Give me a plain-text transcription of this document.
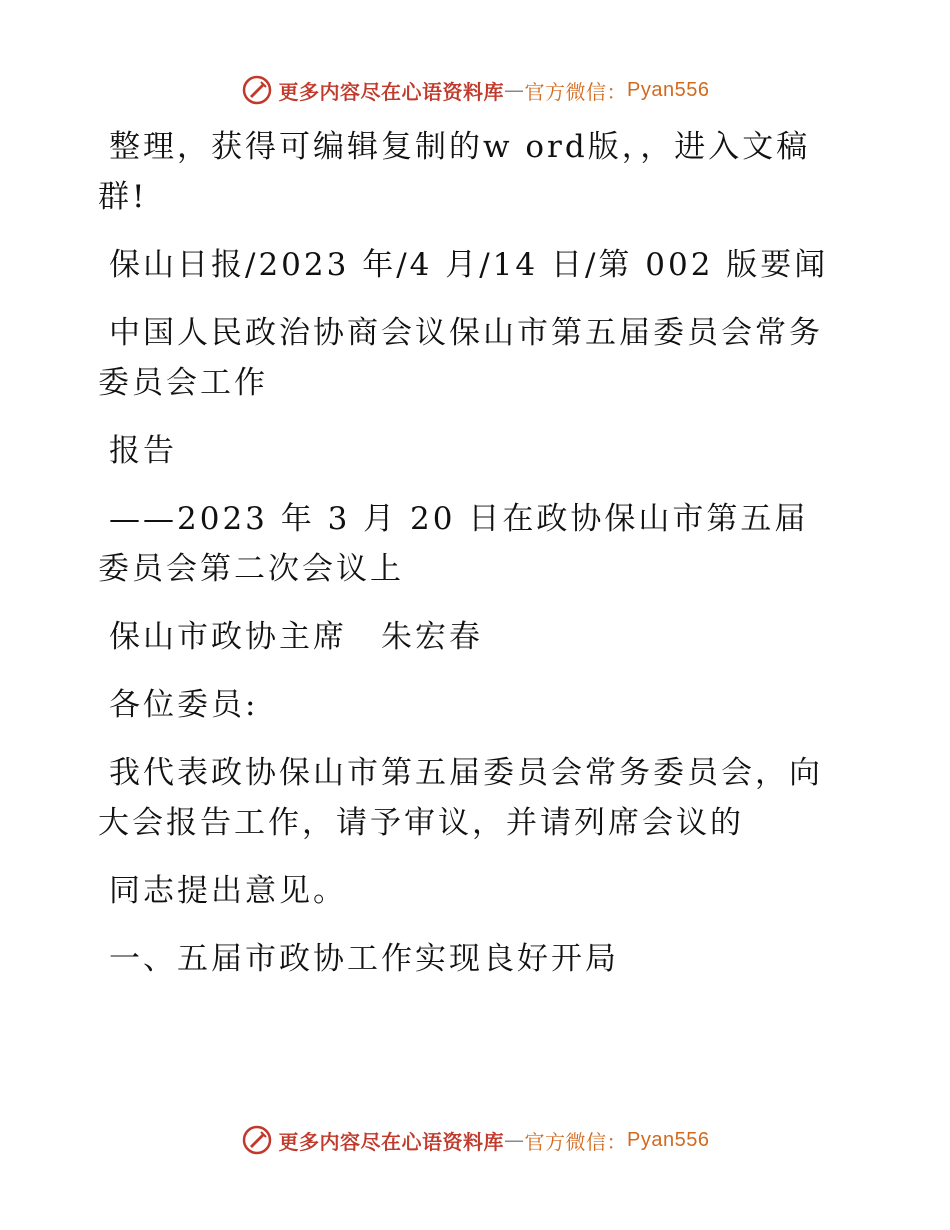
更多内容尽在心语资料库 — 官方微信： Pyan556

整理，获得可编辑复制的w ord版，，进入文稿群!

保山日报/2023 年/4 月/14 日/第 002 版要闻

中国人民政治协商会议保山市第五届委员会常务委员会工作

报告

——2023 年 3 月 20 日在政协保山市第五届委员会第二次会议上

保山市政协主席　朱宏春

各位委员:

我代表政协保山市第五届委员会常务委员会，向大会报告工作，请予审议，并请列席会议的

同志提出意见。

一、五届市政协工作实现良好开局

更多内容尽在心语资料库 — 官方微信： Pyan556
